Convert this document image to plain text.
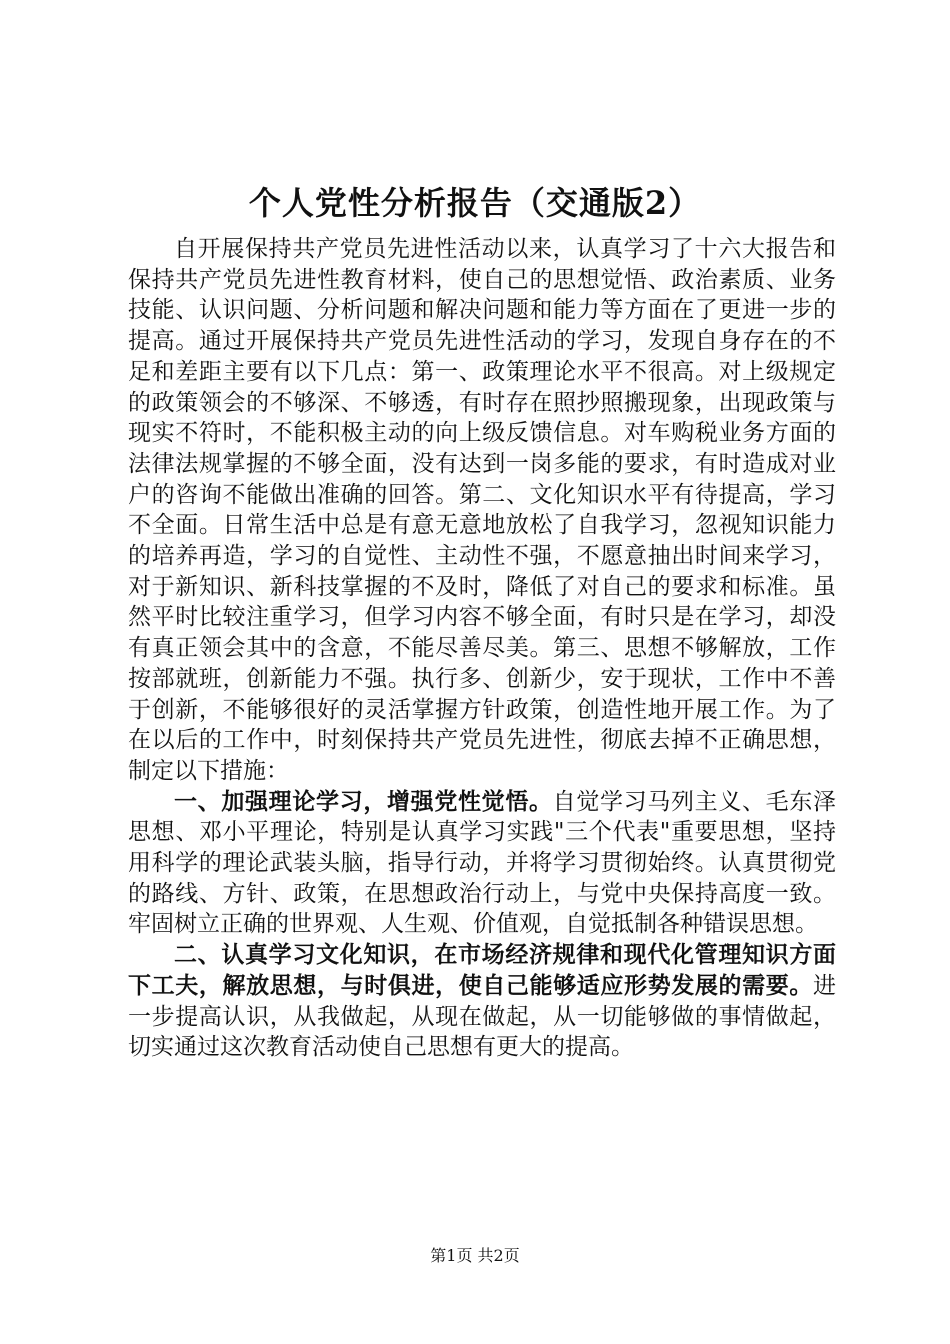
个人党性分析报告（交通版2）

自开展保持共产党员先进性活动以来，认真学习了十六大报告和保持共产党员先进性教育材料，使自己的思想觉悟、政治素质、业务技能、认识问题、分析问题和解决问题和能力等方面在了更进一步的提高。通过开展保持共产党员先进性活动的学习，发现自身存在的不足和差距主要有以下几点：第一、政策理论水平不很高。对上级规定的政策领会的不够深、不够透，有时存在照抄照搬现象，出现政策与现实不符时，不能积极主动的向上级反馈信息。对车购税业务方面的法律法规掌握的不够全面，没有达到一岗多能的要求，有时造成对业户的咨询不能做出准确的回答。第二、文化知识水平有待提高，学习不全面。日常生活中总是有意无意地放松了自我学习，忽视知识能力的培养再造，学习的自觉性、主动性不强，不愿意抽出时间来学习，对于新知识、新科技掌握的不及时，降低了对自己的要求和标准。虽然平时比较注重学习，但学习内容不够全面，有时只是在学习，却没有真正领会其中的含意，不能尽善尽美。第三、思想不够解放，工作按部就班，创新能力不强。执行多、创新少，安于现状，工作中不善于创新，不能够很好的灵活掌握方针政策，创造性地开展工作。为了在以后的工作中，时刻保持共产党员先进性，彻底去掉不正确思想，制定以下措施：

一、加强理论学习，增强党性觉悟。自觉学习马列主义、毛东泽思想、邓小平理论，特别是认真学习实践"三个代表"重要思想，坚持用科学的理论武装头脑，指导行动，并将学习贯彻始终。认真贯彻党的路线、方针、政策，在思想政治行动上，与党中央保持高度一致。牢固树立正确的世界观、人生观、价值观，自觉抵制各种错误思想。

二、认真学习文化知识，在市场经济规律和现代化管理知识方面下工夫，解放思想，与时俱进，使自己能够适应形势发展的需要。进一步提高认识，从我做起，从现在做起，从一切能够做的事情做起，切实通过这次教育活动使自己思想有更大的提高。

第1页 共2页
